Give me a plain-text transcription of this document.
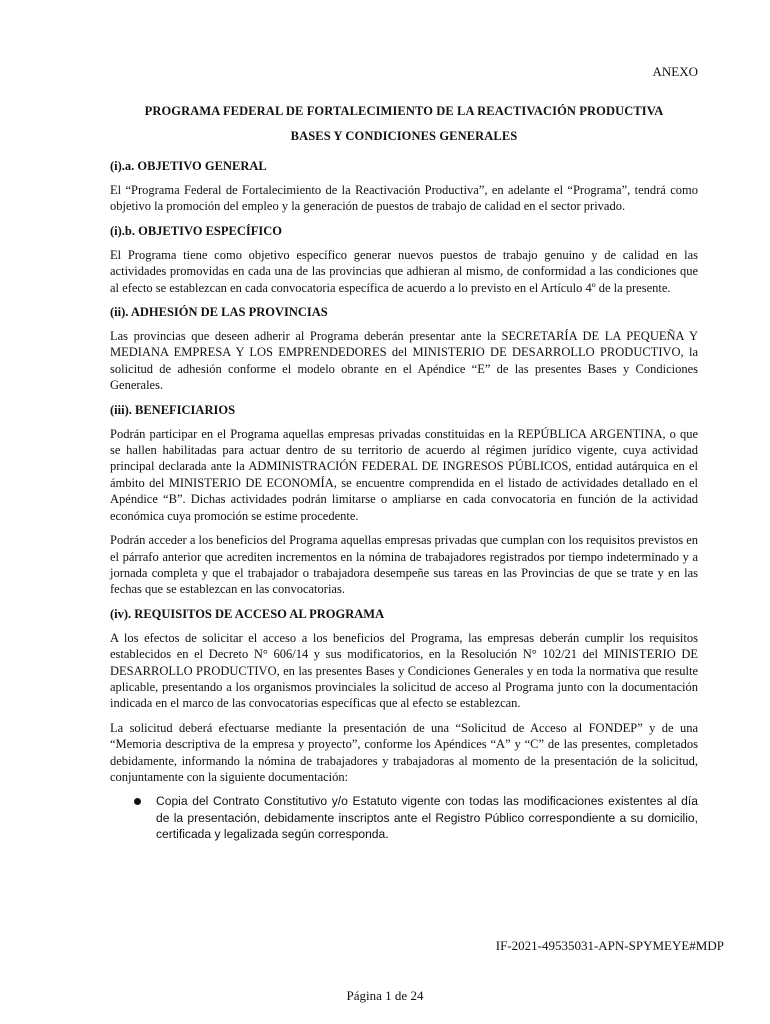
ANEXO
PROGRAMA FEDERAL DE FORTALECIMIENTO DE LA REACTIVACIÓN PRODUCTIVA
BASES Y CONDICIONES GENERALES
(i).a. OBJETIVO GENERAL

El “Programa Federal de Fortalecimiento de la Reactivación Productiva”, en adelante el “Programa”, tendrá como objetivo la promoción del empleo y la generación de puestos de trabajo de calidad en el sector privado.

(i).b. OBJETIVO ESPECÍFICO

El Programa tiene como objetivo específico generar nuevos puestos de trabajo genuino y de calidad en las actividades promovidas en cada una de las provincias que adhieran al mismo, de conformidad a las condiciones que al efecto se establezcan en cada convocatoria específica de acuerdo a lo previsto en el Artículo 4º de la presente.

(ii). ADHESIÓN DE LAS PROVINCIAS

Las provincias que deseen adherir al Programa deberán presentar ante la SECRETARÍA DE LA PEQUEÑA Y MEDIANA EMPRESA Y LOS EMPRENDEDORES del MINISTERIO DE DESARROLLO PRODUCTIVO, la solicitud de adhesión conforme el modelo obrante en el Apéndice “E” de las presentes Bases y Condiciones Generales.

(iii). BENEFICIARIOS

Podrán participar en el Programa aquellas empresas privadas constituidas en la REPÚBLICA ARGENTINA, o que se hallen habilitadas para actuar dentro de su territorio de acuerdo al régimen jurídico vigente, cuya actividad principal declarada ante la ADMINISTRACIÓN FEDERAL DE INGRESOS PÚBLICOS, entidad autárquica en el ámbito del MINISTERIO DE ECONOMÍA, se encuentre comprendida en el listado de actividades detallado en el Apéndice “B”. Dichas actividades podrán limitarse o ampliarse en cada convocatoria en función de la actividad económica cuya promoción se estime procedente.

Podrán acceder a los beneficios del Programa aquellas empresas privadas que cumplan con los requisitos previstos en el párrafo anterior que acrediten incrementos en la nómina de trabajadores registrados por tiempo indeterminado y a jornada completa y que el trabajador o trabajadora desempeñe sus tareas en las Provincias de que se trate y en las fechas que se establezcan en las convocatorias.

(iv). REQUISITOS DE ACCESO AL PROGRAMA

A los efectos de solicitar el acceso a los beneficios del Programa, las empresas deberán cumplir los requisitos establecidos en el Decreto N° 606/14 y sus modificatorios, en la Resolución N° 102/21 del MINISTERIO DE DESARROLLO PRODUCTIVO, en las presentes Bases y Condiciones Generales y en toda la normativa que resulte aplicable, presentando a los organismos provinciales la solicitud de acceso al Programa junto con la documentación indicada en el marco de las convocatorias específicas que al efecto se establezcan.

La solicitud deberá efectuarse mediante la presentación de una “Solicitud de Acceso al FONDEP” y de una “Memoria descriptiva de la empresa y proyecto”, conforme los Apéndices “A” y “C” de las presentes, completados debidamente, informando la nómina de trabajadores y trabajadoras al momento de la presentación de la solicitud, conjuntamente con la siguiente documentación:

Copia del Contrato Constitutivo y/o Estatuto vigente con todas las modificaciones existentes al día de la presentación, debidamente inscriptos ante el Registro Público correspondiente a su domicilio, certificada y legalizada según corresponda.
IF-2021-49535031-APN-SPYMEYE#MDP
Página 1 de 24
